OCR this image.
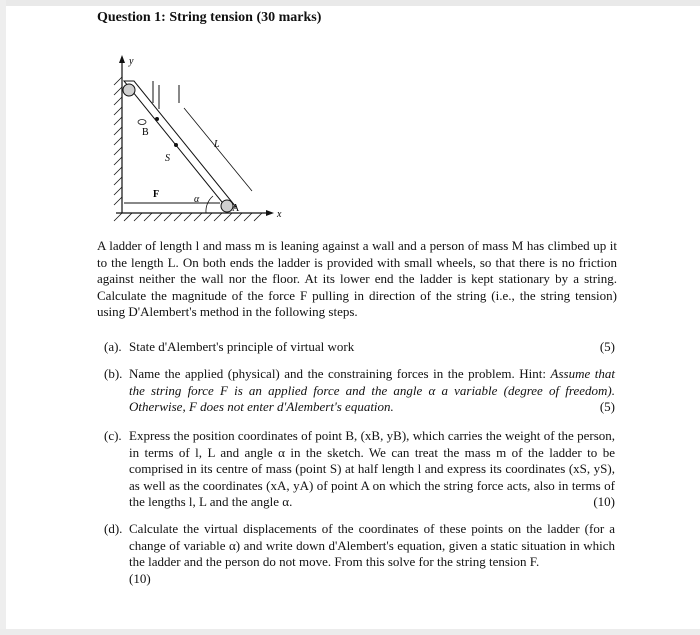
Question 1: String tension (30 marks)
y
x
B
S
L
F	α
A
A ladder of length l and mass m is leaning against a wall and a person of mass M has climbed up it to the length L. On both ends the ladder is provided with small wheels, so that there is no friction against neither the wall nor the floor. At its lower end the ladder is kept stationary by a string. Calculate the magnitude of the force F pulling in direction of the string (i.e., the string tension) using D'Alembert's method in the following steps.
(a).	(5)
State d'Alembert's principle of virtual work
(b). Name the applied (physical) and the constraining forces in the problem. Hint: Assume that the string force F is an applied force and the angle α a variable (degree of freedom). Otherwise, F does not enter d'Alembert's equation.	(5)
(c). Express the position coordinates of point B, (xB, yB), which carries the weight of the person, in terms of l, L and angle α in the sketch. We can treat the mass m of the ladder to be comprised in its centre of mass (point S) at half length l and express its coordinates (xS, yS), as well as the coordinates (xA, yA) of point A on which the string force acts, also in terms of the lengths l, L and the angle α.	(10)
(d). Calculate the virtual displacements of the coordinates of these points on the ladder (for a change of variable α) and write down d'Alembert's equation, given a static situation in which the ladder and the person do not move. From this solve for the string tension F.
(10)
